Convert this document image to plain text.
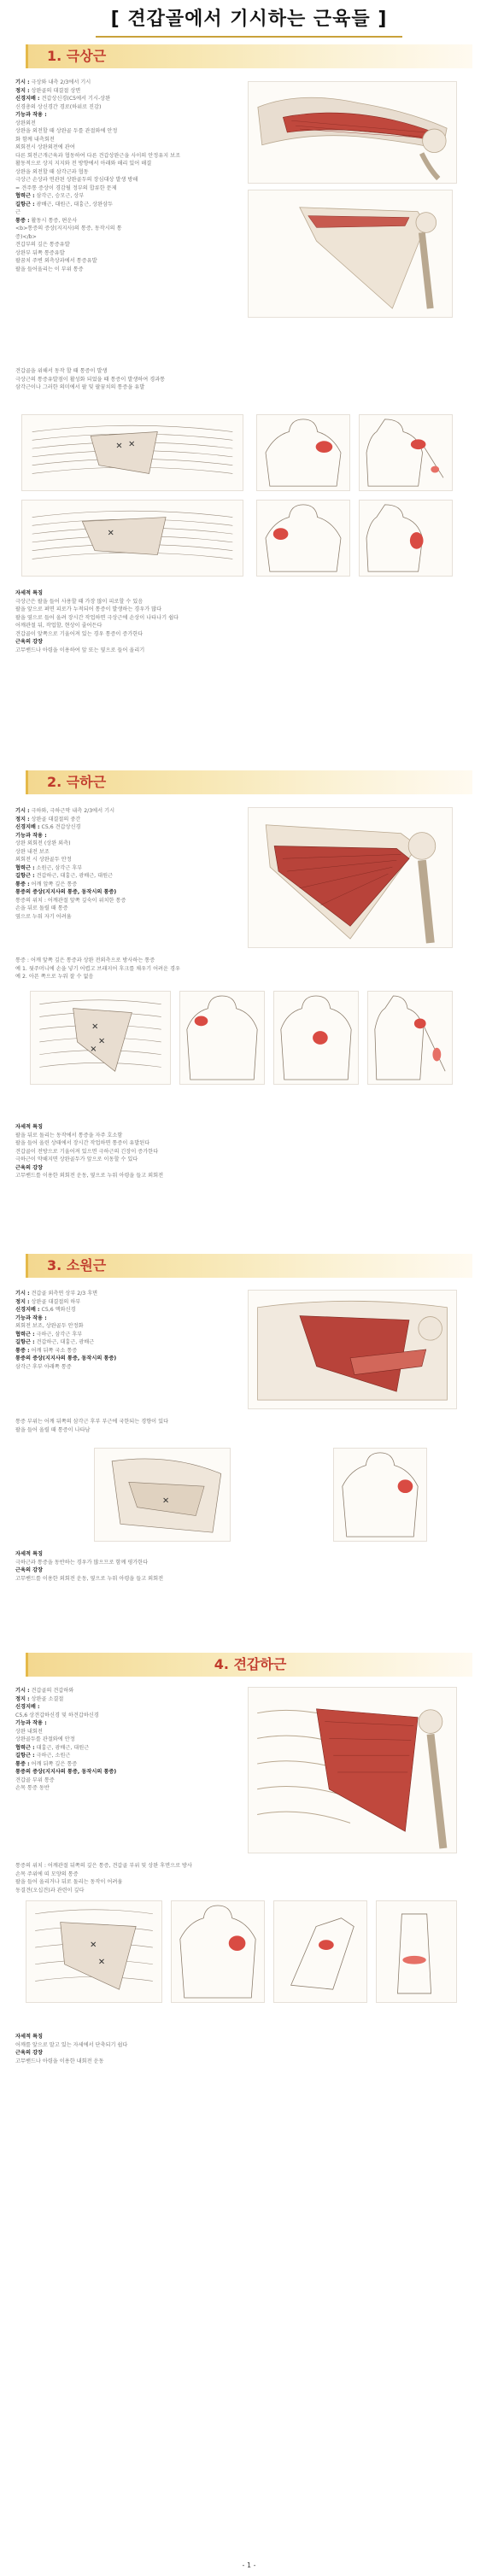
[ 견갑골에서 기시하는 근육들 ]
1. 극상근

기시 : 극상와 내측 2/3에서 기시

정지 : 상완골의 대결절 상면

신경지배 : 견갑상신경(C5에서 기시-상완

신경총의 상신경간 경로(하위로 진감)

기능과 작용 :

상완외전

상완을 외전할 때 상완골 두를 관절와에 안정

화 함께 내측회전

외회전시 상완외전에 관여

다른 회전근개근육과 협동하여 다른 견갑상완근을 사이의 안정유지 보조

활동적으로 상지 지지와 전 방향에서 아래와 해리 있어 해결

상완을 외전할 때 삼각근과 협동

극상근 손상과 연관된 상완골두의 장심대상 발생 방해

= 견주통 증상이 경감될 정부의 합류한 문제

협력근 : 삼각근, 승모근, 상부

길항근 : 광배근, 대원근, 대흉근, 상완삼두

근

통증 : 활동시 통증, 편운사

<b>통증의 증상(지지사)의 통증, 동작시의 통

증)</b>

견갑부의 깊은 통증유발

상완부 뒤쪽 통증유발

팔꿈치 주변 외측상과에서 통증유발

팔을 들어올리는 이 부위 통증

견갑골을 위해서 동작 할 때 통증이 발생

극상근의 통증유발점이 활성화 되었을 때 통증이 발생하여 경과통

삼각근이나 그러한 의미에서 팔 및 팔꿈치의 통증을 유발

✕ ✕
✕

자세적 특징

극상근은 팔을 들어 사용할 때 가장 많이 피로할 수 있음

팔을 앞으로 펴면 피로가 누적되어 통증이 발생하는 경우가 많다

팔을 옆으로 들어 올려 장시간 작업하면 극상근에 손상이 나타나기 쉽다

어깨관절 뒤, 작업할, 현상이 줄어든다

견갑골이 앞쪽으로 기울어져 있는 경우 통증이 증가한다

근육의 강장

고무밴드나 아령을 이용하여 앞 또는 옆으로 들어 올리기

2. 극하근

기시 : 극하와, 극하근막 내측 2/3에서 기시

정지 : 상완골 대결절의 중간

신경지배 : C5,6 견갑상신경

기능과 작용 :

상완 외회전 (상완 외측)

상완 내전 보조

외회전 시 상완골두 안정

협력근 : 소원근, 삼각근 후부

길항근 : 견갑하근, 대흉근, 광배근, 대원근

통증 : 어깨 앞쪽 깊은 통증

통증의 증상(지지사의 통증, 동작시의 통증)

통증의 위치 : 어깨관절 앞쪽 깊숙이 위치한 통증

손을 뒤로 돌릴 때 통증

옆으로 누워 자기 어려움

통증 : 어깨 앞쪽 깊은 통증과 상완 전외측으로 방사하는 통증

예 1. 뒷주머니에 손을 넣기 어렵고 브래지어 후크를 채우기 어려운 경우

예 2. 아픈 쪽으로 누워 잘 수 없음

✕
✕
✕

자세적 특징

팔을 뒤로 돌리는 동작에서 통증을 자주 호소함

팔을 들어 올린 상태에서 장시간 작업하면 통증이 유발된다

견갑골이 전방으로 기울어져 있으면 극하근의 긴장이 증가한다

극하근이 약해지면 상완골두가 앞으로 이동할 수 있다

근육의 강장

고무밴드를 이용한 외회전 운동, 옆으로 누워 아령을 들고 외회전

3. 소원근

기시 : 견갑골 외측연 상부 2/3 후면

정지 : 상완골 대결절의 하부

신경지배 : C5,6 액와신경

기능과 작용 :

외회전 보조, 상완골두 안정화

협력근 : 극하근, 삼각근 후부

길항근 : 견갑하근, 대흉근, 광배근

통증 : 어깨 뒤쪽 국소 통증

통증의 증상(지지사의 통증, 동작시의 통증)

삼각근 후부 아래쪽 통증

통증 부위는 어깨 뒤쪽의 삼각근 후부 부근에 국한되는 경향이 있다

팔을 들어 올릴 때 통증이 나타남

✕

자세적 특징

극하근과 통증을 동반하는 경우가 많으므로 함께 평가한다

근육의 강장

고무밴드를 이용한 외회전 운동, 옆으로 누워 아령을 들고 외회전

4. 견갑하근

기시 : 견갑골의 견갑하와

정지 : 상완골 소결절

신경지배 :

C5,6 상견갑하신경 및 하견갑하신경

기능과 작용 :

상완 내회전

상완골두를 관절와에 안정

협력근 : 대흉근, 광배근, 대원근

길항근 : 극하근, 소원근

통증 : 어깨 뒤쪽 깊은 통증

통증의 증상(지지사의 통증, 동작시의 통증)

견갑골 부위 통증

손목 통증 동반

통증의 위치 : 어깨관절 뒤쪽의 깊은 통증, 견갑골 부위 및 상완 후면으로 방사

손목 주위에 띠 모양의 통증

팔을 들어 올리거나 뒤로 돌리는 동작이 어려움

동결견(오십견)과 관련이 깊다

✕
✕

자세적 특징

어깨를 앞으로 말고 있는 자세에서 단축되기 쉽다

근육의 강장

고무밴드나 아령을 이용한 내회전 운동

- 1 -
